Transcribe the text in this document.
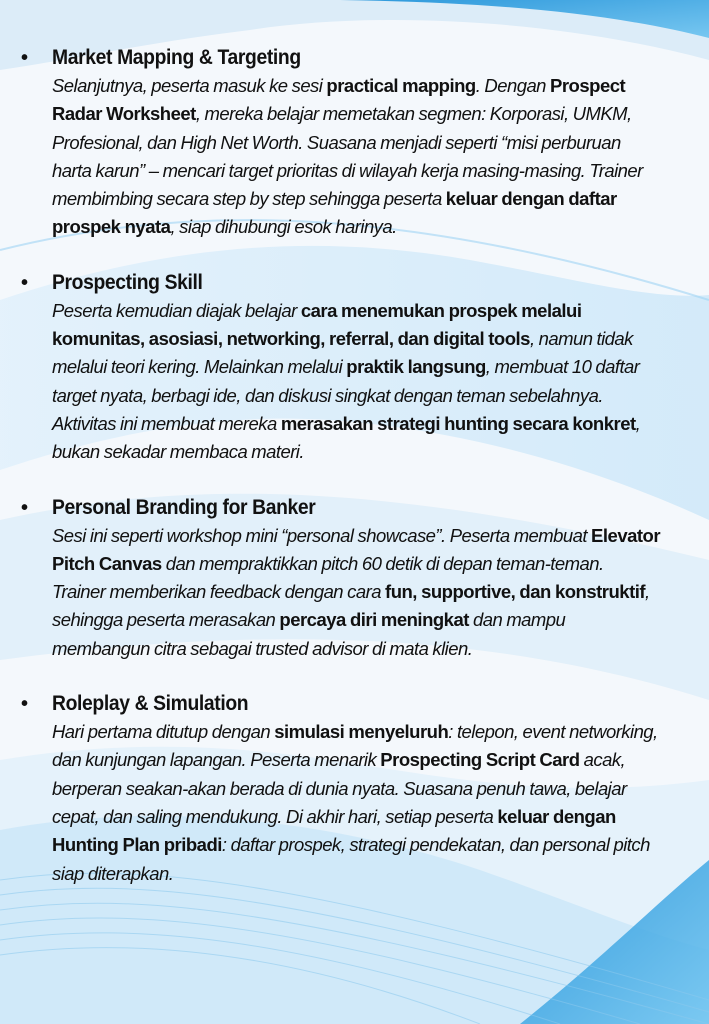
• Market Mapping & Targeting
Selanjutnya, peserta masuk ke sesi practical mapping. Dengan Prospect Radar Worksheet, mereka belajar memetakan segmen: Korporasi, UMKM, Profesional, dan High Net Worth. Suasana menjadi seperti “misi perburuan harta karun” – mencari target prioritas di wilayah kerja masing-masing. Trainer membimbing secara step by step sehingga peserta keluar dengan daftar prospek nyata, siap dihubungi esok harinya.
• Prospecting Skill
Peserta kemudian diajak belajar cara menemukan prospek melalui komunitas, asosiasi, networking, referral, dan digital tools, namun tidak melalui teori kering. Melainkan melalui praktik langsung, membuat 10 daftar target nyata, berbagi ide, dan diskusi singkat dengan teman sebelahnya. Aktivitas ini membuat mereka merasakan strategi hunting secara konkret, bukan sekadar membaca materi.
• Personal Branding for Banker
Sesi ini seperti workshop mini “personal showcase”. Peserta membuat Elevator Pitch Canvas dan mempraktikkan pitch 60 detik di depan teman-teman. Trainer memberikan feedback dengan cara fun, supportive, dan konstruktif, sehingga peserta merasakan percaya diri meningkat dan mampu membangun citra sebagai trusted advisor di mata klien.
• Roleplay & Simulation
Hari pertama ditutup dengan simulasi menyeluruh: telepon, event networking, dan kunjungan lapangan. Peserta menarik Prospecting Script Card acak, berperan seakan-akan berada di dunia nyata. Suasana penuh tawa, belajar cepat, dan saling mendukung. Di akhir hari, setiap peserta keluar dengan Hunting Plan pribadi: daftar prospek, strategi pendekatan, dan personal pitch siap diterapkan.
